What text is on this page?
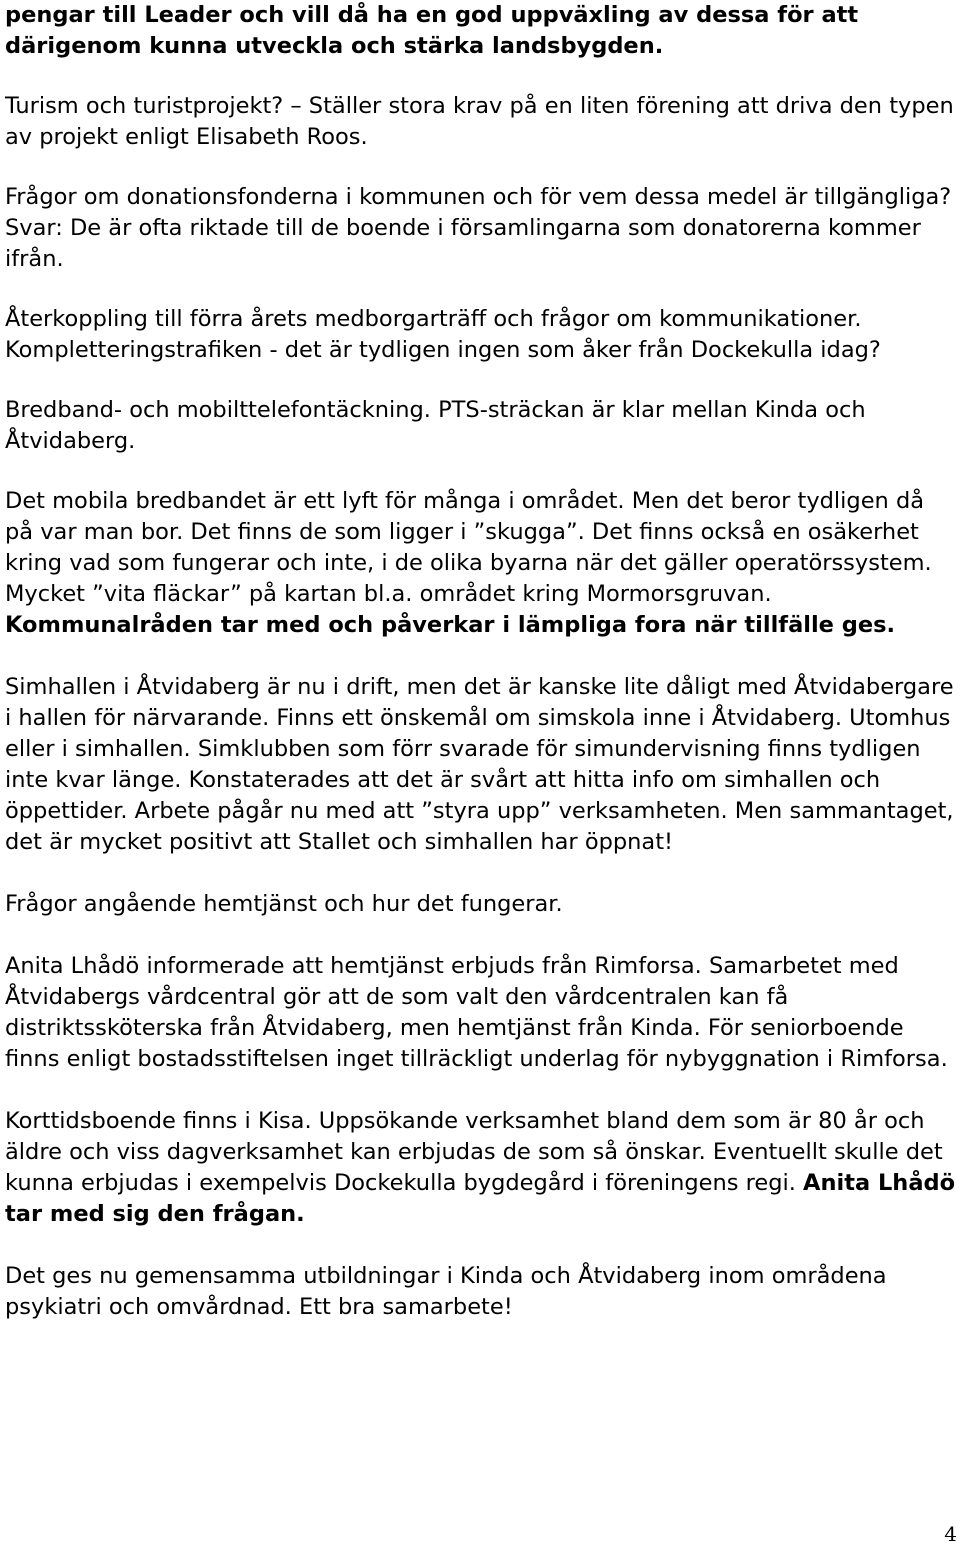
pengar till Leader och vill då ha en god uppväxling av dessa för att därigenom kunna utveckla och stärka landsbygden.

Turism och turistprojekt? – Ställer stora krav på en liten förening att driva den typen av projekt enligt Elisabeth Roos.

Frågor om donationsfonderna i kommunen och för vem dessa medel är tillgängliga? Svar: De är ofta riktade till de boende i församlingarna som donatorerna kommer ifrån.

Återkoppling till förra årets medborgarträff och frågor om kommunikationer. Kompletteringstrafiken - det är tydligen ingen som åker från Dockekulla idag?

Bredband- och mobilttelefontäckning. PTS-sträckan är klar mellan Kinda och Åtvidaberg.

Det mobila bredbandet är ett lyft för många i området. Men det beror tydligen då på var man bor. Det finns de som ligger i ”skugga”. Det finns också en osäkerhet kring vad som fungerar och inte, i de olika byarna när det gäller operatörssystem. Mycket ”vita fläckar” på kartan bl.a. området kring Mormorsgruvan. Kommunalråden tar med och påverkar i lämpliga fora när tillfälle ges.

Simhallen i Åtvidaberg är nu i drift, men det är kanske lite dåligt med Åtvidabergare i hallen för närvarande. Finns ett önskemål om simskola inne i Åtvidaberg. Utomhus eller i simhallen. Simklubben som förr svarade för simundervisning finns tydligen inte kvar länge. Konstaterades att det är svårt att hitta info om simhallen och öppettider. Arbete pågår nu med att ”styra upp” verksamheten. Men sammantaget, det är mycket positivt att Stallet och simhallen har öppnat!

Frågor angående hemtjänst och hur det fungerar.

Anita Lhådö informerade att hemtjänst erbjuds från Rimforsa. Samarbetet med Åtvidabergs vårdcentral gör att de som valt den vårdcentralen kan få distriktssköterska från Åtvidaberg, men hemtjänst från Kinda. För seniorboende finns enligt bostadsstiftelsen inget tillräckligt underlag för nybyggnation i Rimforsa.

Korttidsboende finns i Kisa. Uppsökande verksamhet bland dem som är 80 år och äldre och viss dagverksamhet kan erbjudas de som så önskar. Eventuellt skulle det kunna erbjudas i exempelvis Dockekulla bygdegård i föreningens regi. Anita Lhådö tar med sig den frågan.

Det ges nu gemensamma utbildningar i Kinda och Åtvidaberg inom områdena psykiatri och omvårdnad. Ett bra samarbete!

4
